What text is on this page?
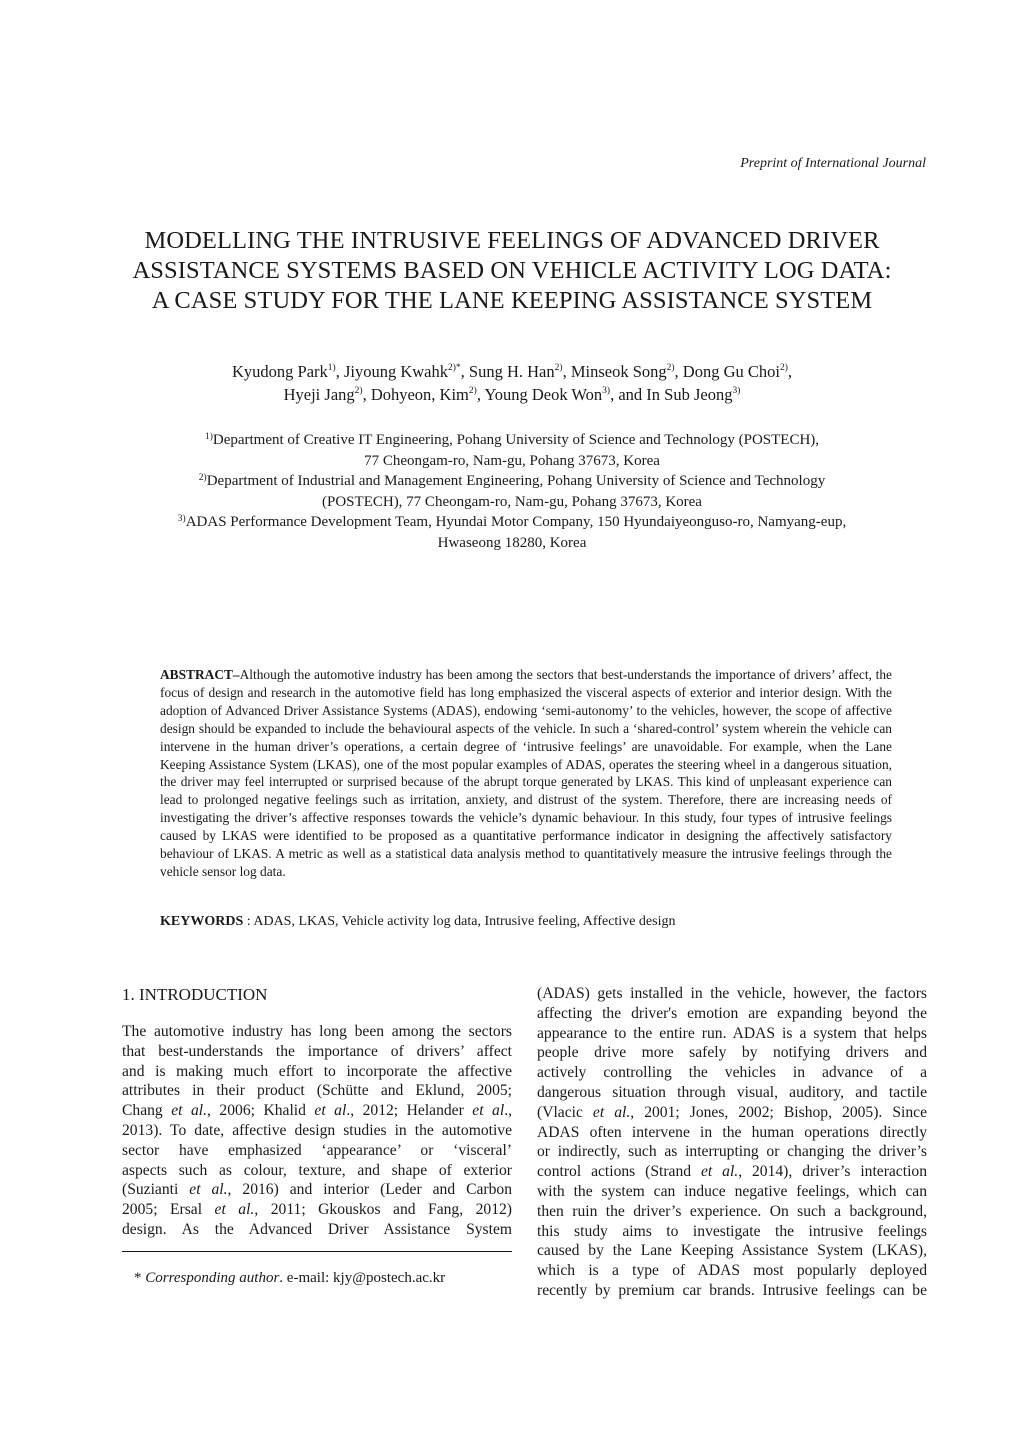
Preprint of International Journal
MODELLING THE INTRUSIVE FEELINGS OF ADVANCED DRIVER
ASSISTANCE SYSTEMS BASED ON VEHICLE ACTIVITY LOG DATA:
A CASE STUDY FOR THE LANE KEEPING ASSISTANCE SYSTEM
Kyudong Park$^{1)}$, Jiyoung Kwahk$^{2)*}$, Sung H. Han$^{2)}$, Minseok Song$^{2)}$, Dong Gu Choi$^{2)}$,
Hyeji Jang$^{2)}$, Dohyeon, Kim$^{2)}$, Young Deok Won$^{3)}$, and In Sub Jeong$^{3)}$
$^{1)}$Department of Creative IT Engineering, Pohang University of Science and Technology (POSTECH),
77 Cheongam-ro, Nam-gu, Pohang 37673, Korea
$^{2)}$Department of Industrial and Management Engineering, Pohang University of Science and Technology
(POSTECH), 77 Cheongam-ro, Nam-gu, Pohang 37673, Korea
$^{3)}$ADAS Performance Development Team, Hyundai Motor Company, 150 Hyundaiyeonguso-ro, Namyang-eup,
Hwaseong 18280, Korea
ABSTRACT–Although the automotive industry has been among the sectors that best-understands the importance of drivers’ affect, the focus of design and research in the automotive field has long emphasized the visceral aspects of exterior and interior design. With the adoption of Advanced Driver Assistance Systems (ADAS), endowing ‘semi-autonomy’ to the vehicles, however, the scope of affective design should be expanded to include the behavioural aspects of the vehicle. In such a ‘shared-control’ system wherein the vehicle can intervene in the human driver’s operations, a certain degree of ‘intrusive feelings’ are unavoidable. For example, when the Lane Keeping Assistance System (LKAS), one of the most popular examples of ADAS, operates the steering wheel in a dangerous situation, the driver may feel interrupted or surprised because of the abrupt torque generated by LKAS. This kind of unpleasant experience can lead to prolonged negative feelings such as irritation, anxiety, and distrust of the system. Therefore, there are increasing needs of investigating the driver’s affective responses towards the vehicle’s dynamic behaviour. In this study, four types of intrusive feelings caused by LKAS were identified to be proposed as a quantitative performance indicator in designing the affectively satisfactory behaviour of LKAS. A metric as well as a statistical data analysis method to quantitatively measure the intrusive feelings through the vehicle sensor log data.
KEYWORDS : ADAS, LKAS, Vehicle activity log data, Intrusive feeling, Affective design
1. INTRODUCTION
The automotive industry has long been among the sectors
that best-understands the importance of drivers’ affect
and is making much effort to incorporate the affective
attributes in their product (Schütte and Eklund, 2005;
Chang et al., 2006; Khalid et al., 2012; Helander et al.,
2013). To date, affective design studies in the automotive
sector have emphasized ‘appearance’ or ‘visceral’
aspects such as colour, texture, and shape of exterior
(Suzianti et al., 2016) and interior (Leder and Carbon
2005; Ersal et al., 2011; Gkouskos and Fang, 2012)
design. As the Advanced Driver Assistance System
* Corresponding author. e-mail: kjy@postech.ac.kr
(ADAS) gets installed in the vehicle, however, the factors
affecting the driver's emotion are expanding beyond the
appearance to the entire run. ADAS is a system that helps
people drive more safely by notifying drivers and
actively controlling the vehicles in advance of a
dangerous situation through visual, auditory, and tactile
(Vlacic et al., 2001; Jones, 2002; Bishop, 2005). Since
ADAS often intervene in the human operations directly
or indirectly, such as interrupting or changing the driver’s
control actions (Strand et al., 2014), driver’s interaction
with the system can induce negative feelings, which can
then ruin the driver’s experience. On such a background,
this study aims to investigate the intrusive feelings
caused by the Lane Keeping Assistance System (LKAS),
which is a type of ADAS most popularly deployed
recently by premium car brands. Intrusive feelings can be
